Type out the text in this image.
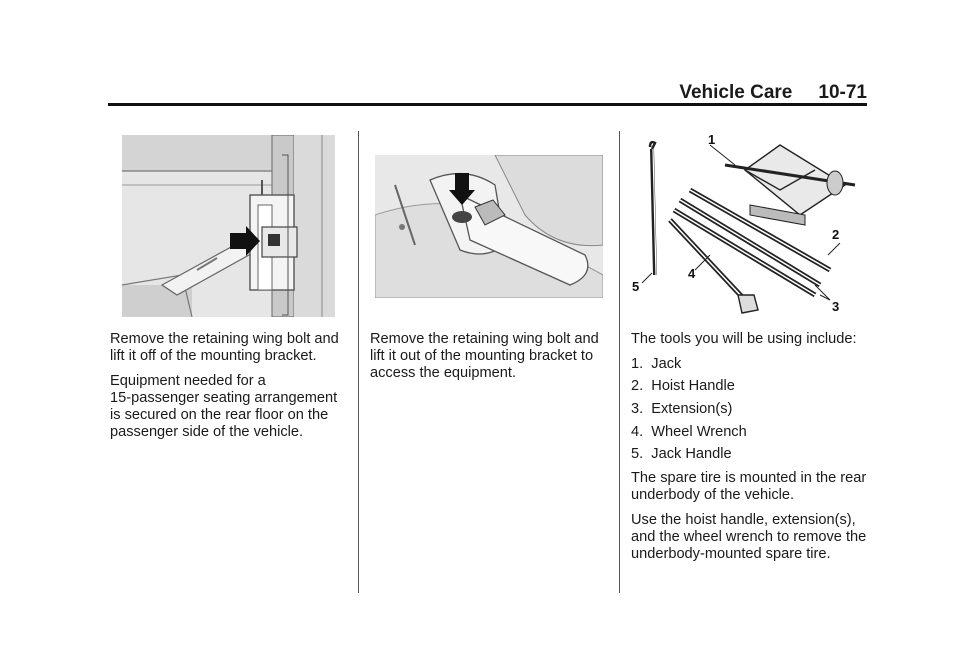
Vehicle Care 10-71

Remove the retaining wing bolt and
lift it off of the mounting bracket.

Equipment needed for a
15-passenger seating arrangement
is secured on the rear floor on the
passenger side of the vehicle.

Remove the retaining wing bolt and
lift it out of the mounting bracket to
access the equipment.

1
2
3
4
5

The tools you will be using include:

1. Jack
2. Hoist Handle
3. Extension(s)
4. Wheel Wrench
5. Jack Handle

The spare tire is mounted in the rear
underbody of the vehicle.

Use the hoist handle, extension(s),
and the wheel wrench to remove the
underbody-mounted spare tire.
